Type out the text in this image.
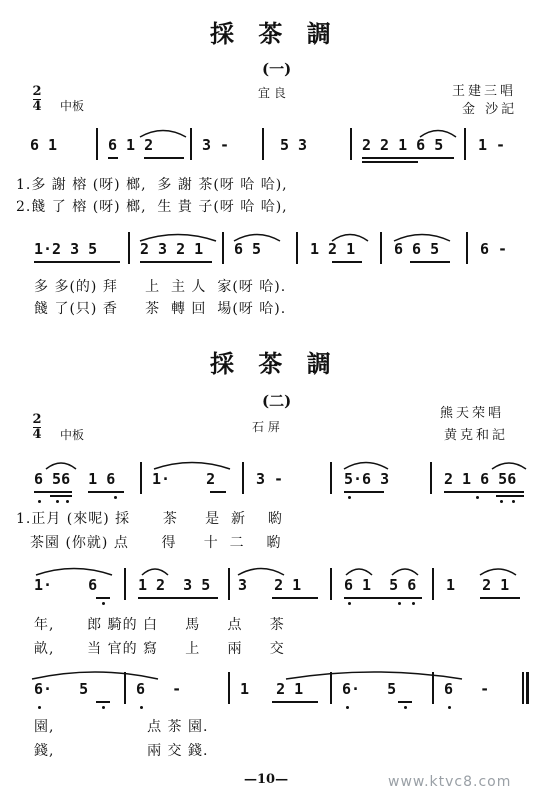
採 茶 調
(一)
宜 良	王建三唱
金 沙記
2
4 中板
6 1	6 1 2	3 -	5 3	2 2 1 6 5 1 -
1.多 謝 榕 (呀) 榔,  多 謝 茶(呀 哈 哈),
2.餞 了 榕 (呀) 榔,  生 貴 子(呀 哈 哈),
1·2 3 5	2 3 2 1 6 5	1 2 1	6 6 5	6 -
多 多(的) 拜     上  主 人  家(呀 哈).
餞 了(只) 香     茶  轉 回  場(呀 哈).
採 茶 調
(二)
石 屏
熊天荣唱
黄克和記
2
4 中板
6 56  1 6 1·    2	3 -	5·6 3	2 1 6 56
1.正月 (來呢) 採      茶     是  新    喲
茶園 (你就) 点      得     十  二    喲
1·    6	1 2  3 5 3   2 1	6 1  5 6 1   2 1
年,      郎 騎的 白     馬     点     茶
畝,      当 官的 寫     上     兩     交
6·   5	6   -	1   2 1	6·   5	6   -
園,                 点 茶 園.
錢,                 兩 交 錢.
—10—	www.ktvc8.com
